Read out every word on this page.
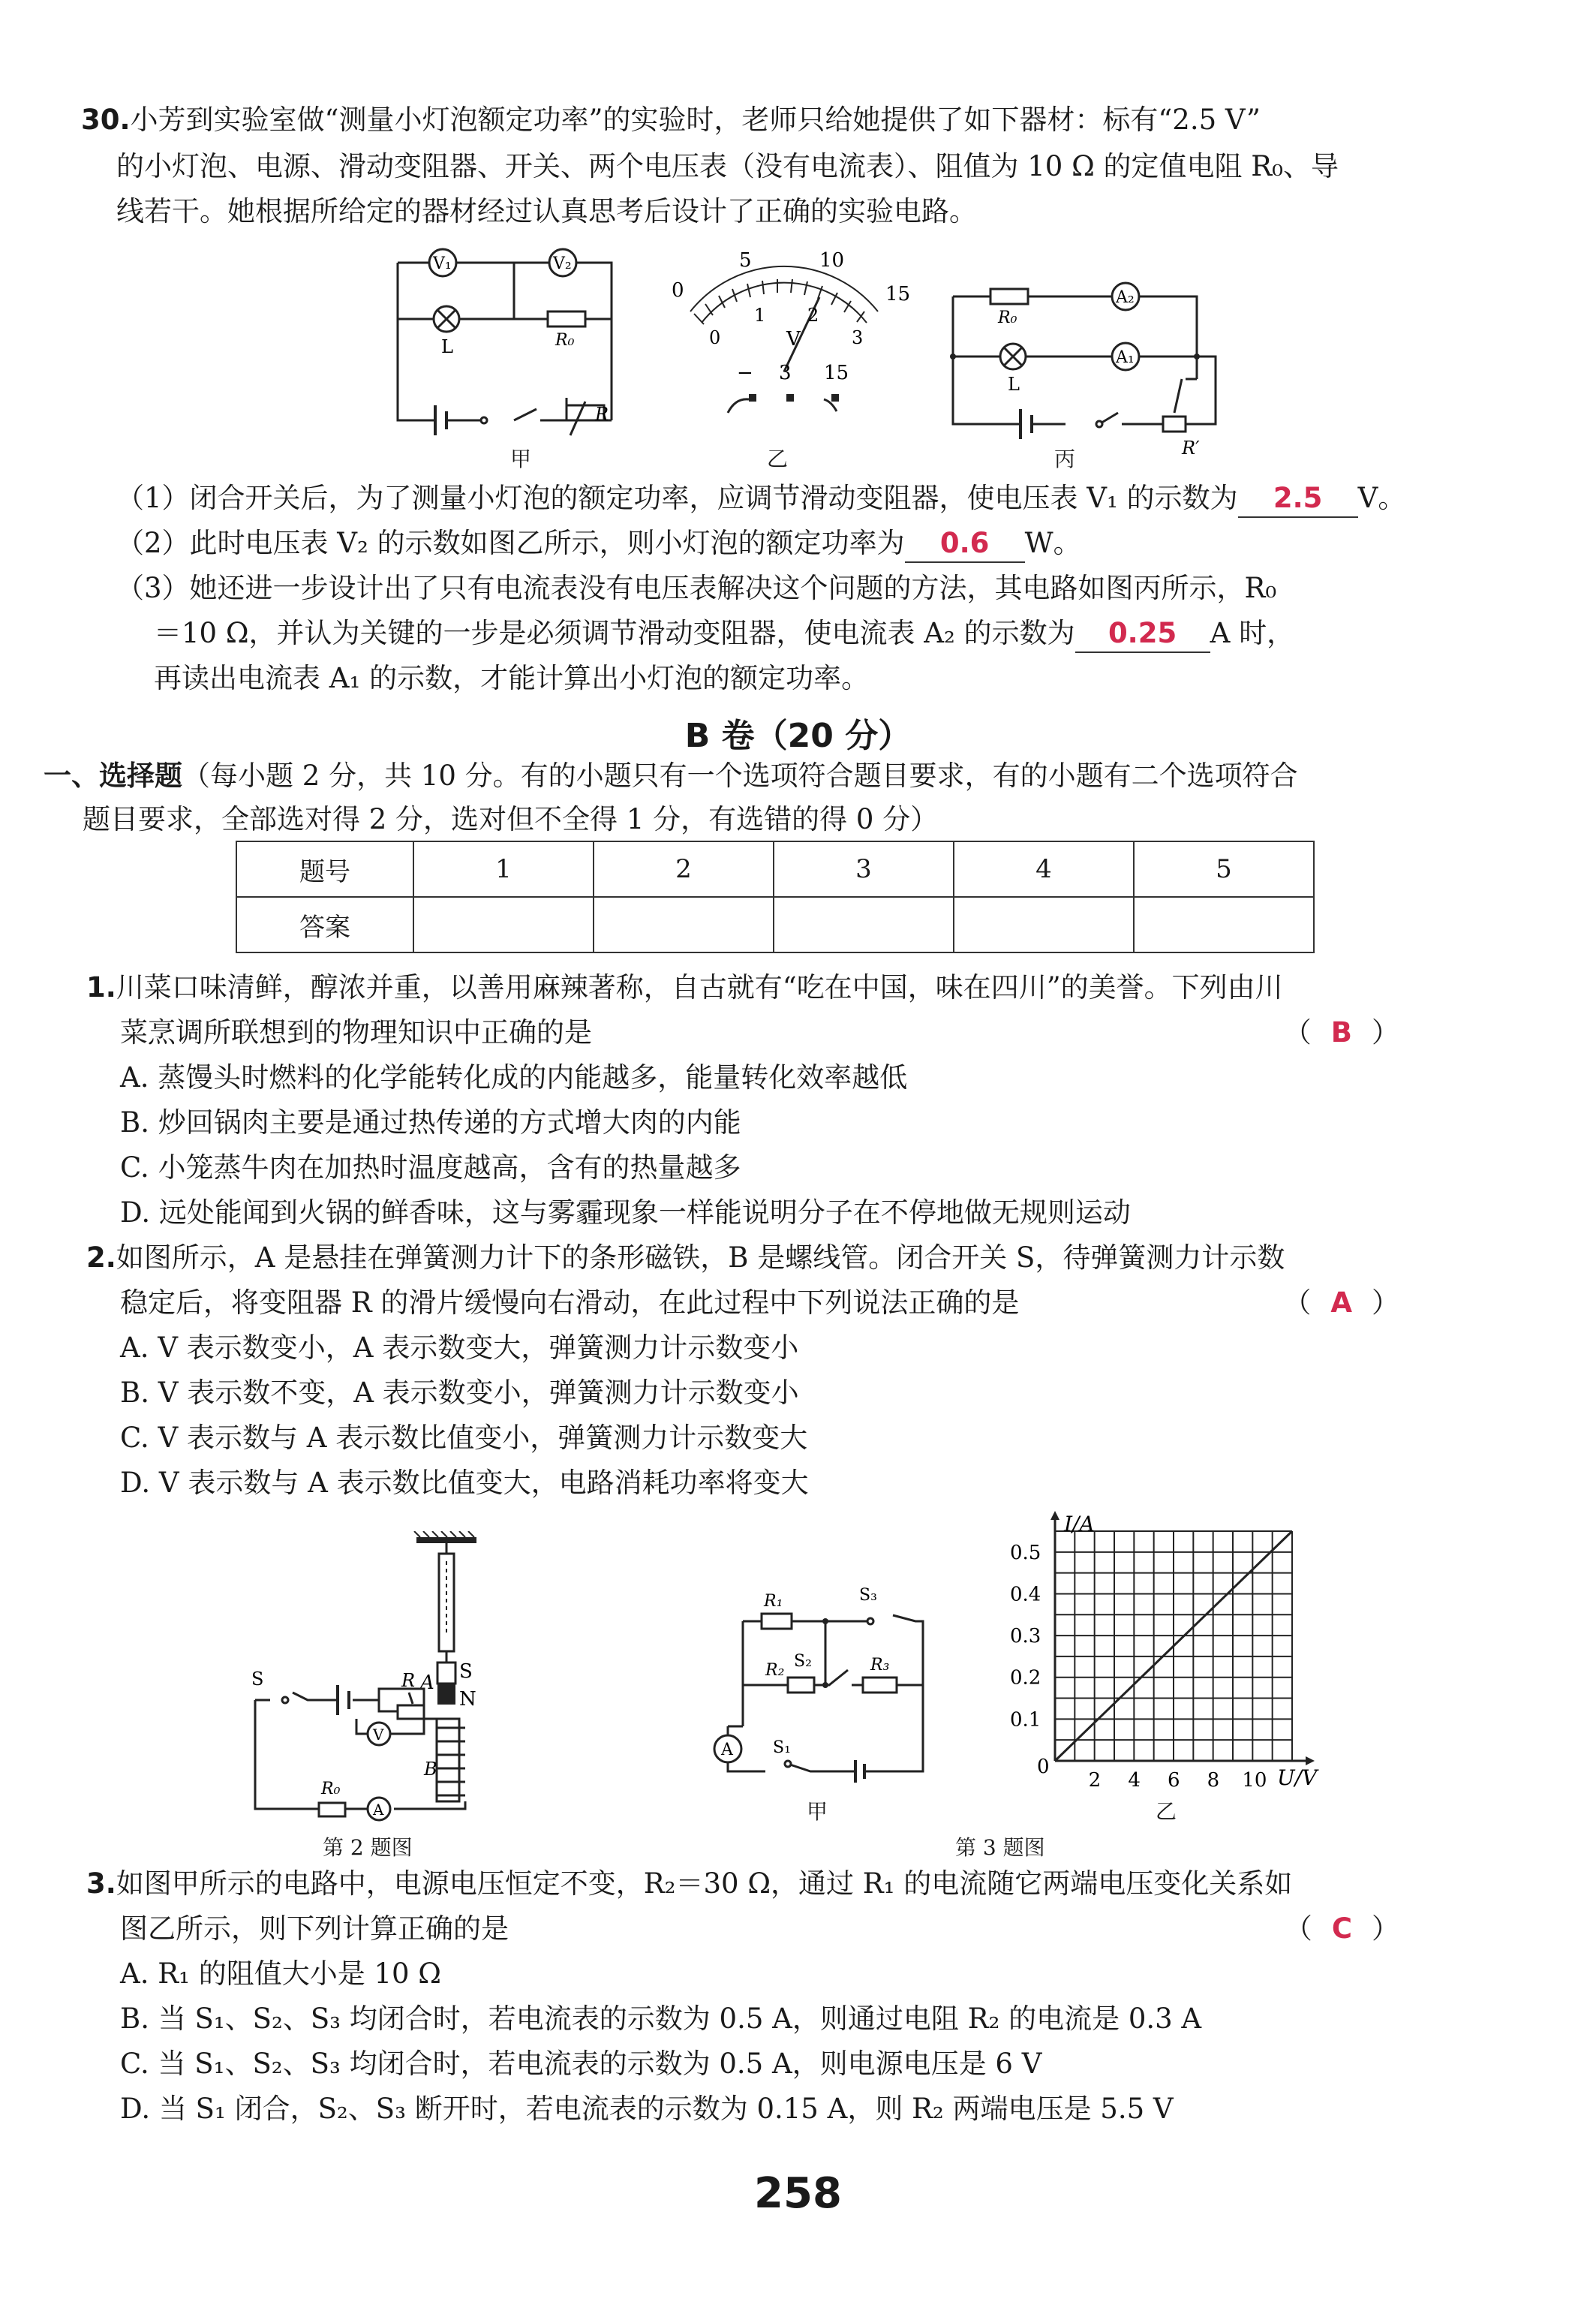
30.小芳到实验室做“测量小灯泡额定功率”的实验时，老师只给她提供了如下器材：标有“2.5 V”
的小灯泡、电源、滑动变阻器、开关、两个电压表（没有电流表）、阻值为 10 Ω 的定值电阻 R₀、导
线若干。她根据所给定的器材经过认真思考后设计了正确的实验电路。
V₁	V₂
L	R₀
R
甲
0
5	10
15
0
1 2
3
V
− 3 15
乙
R₀
A₂
A₁
L
R′
丙
（1）闭合开关后，为了测量小灯泡的额定功率，应调节滑动变阻器，使电压表 V₁ 的示数为 2.5 V。
（2）此时电压表 V₂ 的示数如图乙所示，则小灯泡的额定功率为 0.6 W。
（3）她还进一步设计出了只有电流表没有电压表解决这个问题的方法，其电路如图丙所示，R₀
＝10 Ω，并认为关键的一步是必须调节滑动变阻器，使电流表 A₂ 的示数为 0.25 A 时，
再读出电流表 A₁ 的示数，才能计算出小灯泡的额定功率。
B 卷（20 分）
一、选择题（每小题 2 分，共 10 分。有的小题只有一个选项符合题目要求，有的小题有二个选项符合
题目要求，全部选对得 2 分，选对但不全得 1 分，有选错的得 0 分）
题号	1	2	3	4	5
答案					
1.川菜口味清鲜，醇浓并重，以善用麻辣著称，自古就有“吃在中国，味在四川”的美誉。下列由川
菜烹调所联想到的物理知识中正确的是	（ B ）
A. 蒸馒头时燃料的化学能转化成的内能越多，能量转化效率越低
B. 炒回锅肉主要是通过热传递的方式增大肉的内能
C. 小笼蒸牛肉在加热时温度越高，含有的热量越多
D. 远处能闻到火锅的鲜香味，这与雾霾现象一样能说明分子在不停地做无规则运动
2.如图所示，A 是悬挂在弹簧测力计下的条形磁铁，B 是螺线管。闭合开关 S，待弹簧测力计示数
稳定后，将变阻器 R 的滑片缓慢向右滑动，在此过程中下列说法正确的是	（ A ）
A. V 表示数变小，A 表示数变大，弹簧测力计示数变小
B. V 表示数不变，A 表示数变小，弹簧测力计示数变小
C. V 表示数与 A 表示数比值变小，弹簧测力计示数变大
D. V 表示数与 A 表示数比值变大，电路消耗功率将变大
A S
N
S	R
V
R₀
A
B
第 2 题图
R₁
R₂	R₃
S₃
S₂
S₁
A
甲
I/A
U/V
0
2 4 6 8 10
0.1
0.2
0.3
0.4
0.5
乙
第 3 题图
3.如图甲所示的电路中，电源电压恒定不变，R₂＝30 Ω，通过 R₁ 的电流随它两端电压变化关系如
图乙所示，则下列计算正确的是	（ C ）
A. R₁ 的阻值大小是 10 Ω
B. 当 S₁、S₂、S₃ 均闭合时，若电流表的示数为 0.5 A，则通过电阻 R₂ 的电流是 0.3 A
C. 当 S₁、S₂、S₃ 均闭合时，若电流表的示数为 0.5 A，则电源电压是 6 V
D. 当 S₁ 闭合，S₂、S₃ 断开时，若电流表的示数为 0.15 A，则 R₂ 两端电压是 5.5 V
258
